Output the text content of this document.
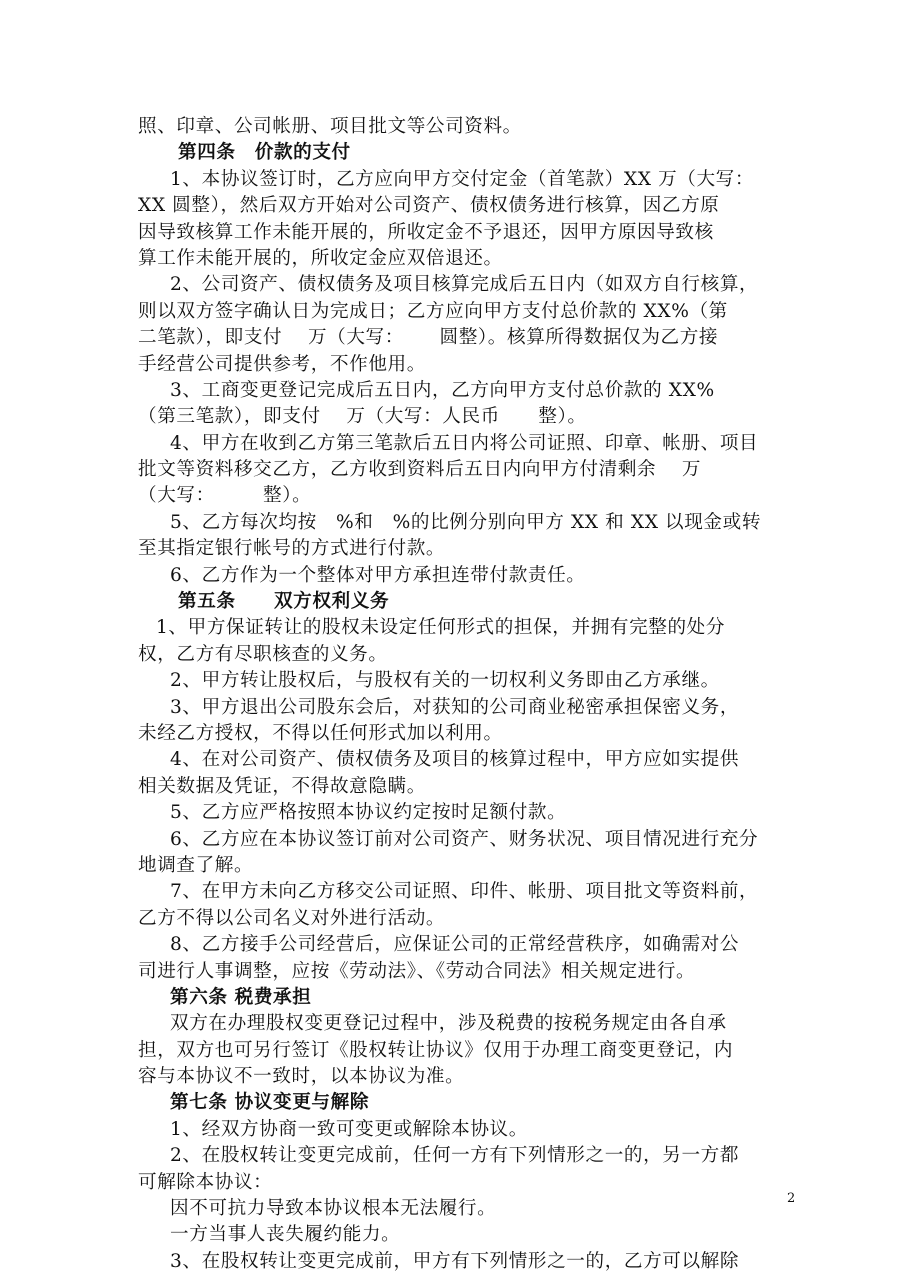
照、印章、公司帐册、项目批文等公司资料。
第四条　价款的支付
1、本协议签订时，乙方应向甲方交付定金（首笔款）XX 万（大写：
XX 圆整），然后双方开始对公司资产、债权债务进行核算，因乙方原
因导致核算工作未能开展的，所收定金不予退还，因甲方原因导致核
算工作未能开展的，所收定金应双倍退还。
2、公司资产、债权债务及项目核算完成后五日内（如双方自行核算，
则以双方签字确认日为完成日；乙方应向甲方支付总价款的 XX%（第
二笔款），即支付　 万（大写：　　 圆整）。核算所得数据仅为乙方接
手经营公司提供参考，不作他用。
3、工商变更登记完成后五日内，乙方向甲方支付总价款的 XX%
（第三笔款），即支付　 万（大写：人民币　　整）。
4、甲方在收到乙方第三笔款后五日内将公司证照、印章、帐册、项目
批文等资料移交乙方，乙方收到资料后五日内向甲方付清剩余　 万
（大写：　　　整）。
5、乙方每次均按　%和　%的比例分别向甲方 XX 和 XX 以现金或转
至其指定银行帐号的方式进行付款。
6、乙方作为一个整体对甲方承担连带付款责任。
第五条　　双方权利义务
1、甲方保证转让的股权未设定任何形式的担保，并拥有完整的处分
权，乙方有尽职核查的义务。
2、甲方转让股权后，与股权有关的一切权利义务即由乙方承继。
3、甲方退出公司股东会后，对获知的公司商业秘密承担保密义务，
未经乙方授权，不得以任何形式加以利用。
4、在对公司资产、债权债务及项目的核算过程中，甲方应如实提供
相关数据及凭证，不得故意隐瞒。
5、乙方应严格按照本协议约定按时足额付款。
6、乙方应在本协议签订前对公司资产、财务状况、项目情况进行充分
地调查了解。
7、在甲方未向乙方移交公司证照、印件、帐册、项目批文等资料前，
乙方不得以公司名义对外进行活动。
8、乙方接手公司经营后，应保证公司的正常经营秩序，如确需对公
司进行人事调整，应按《劳动法》、《劳动合同法》相关规定进行。
第六条 税费承担
双方在办理股权变更登记过程中，涉及税费的按税务规定由各自承
担，双方也可另行签订《股权转让协议》仅用于办理工商变更登记，内
容与本协议不一致时，以本协议为准。
第七条 协议变更与解除
1、经双方协商一致可变更或解除本协议。
2、在股权转让变更完成前，任何一方有下列情形之一的，另一方都
可解除本协议：
因不可抗力导致本协议根本无法履行。
一方当事人丧失履约能力。
3、在股权转让变更完成前，甲方有下列情形之一的，乙方可以解除
2
